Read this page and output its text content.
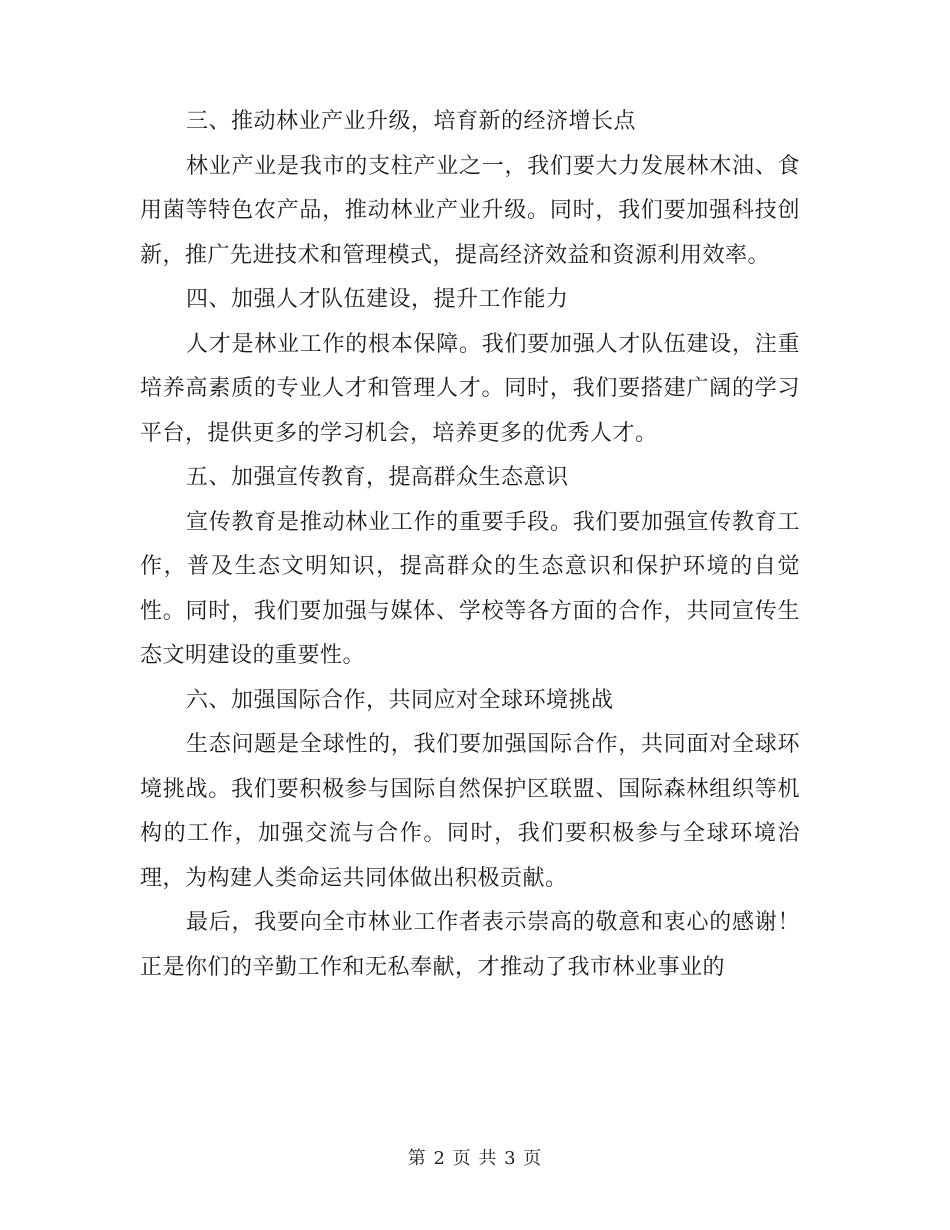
三、推动林业产业升级，培育新的经济增长点

林业产业是我市的支柱产业之一，我们要大力发展林木油、食用菌等特色农产品，推动林业产业升级。同时，我们要加强科技创新，推广先进技术和管理模式，提高经济效益和资源利用效率。

四、加强人才队伍建设，提升工作能力

人才是林业工作的根本保障。我们要加强人才队伍建设，注重培养高素质的专业人才和管理人才。同时，我们要搭建广阔的学习平台，提供更多的学习机会，培养更多的优秀人才。

五、加强宣传教育，提高群众生态意识

宣传教育是推动林业工作的重要手段。我们要加强宣传教育工作，普及生态文明知识，提高群众的生态意识和保护环境的自觉性。同时，我们要加强与媒体、学校等各方面的合作，共同宣传生态文明建设的重要性。

六、加强国际合作，共同应对全球环境挑战

生态问题是全球性的，我们要加强国际合作，共同面对全球环境挑战。我们要积极参与国际自然保护区联盟、国际森林组织等机构的工作，加强交流与合作。同时，我们要积极参与全球环境治理，为构建人类命运共同体做出积极贡献。

最后，我要向全市林业工作者表示崇高的敬意和衷心的感谢！正是你们的辛勤工作和无私奉献，才推动了我市林业事业的

第 2 页 共 3 页
